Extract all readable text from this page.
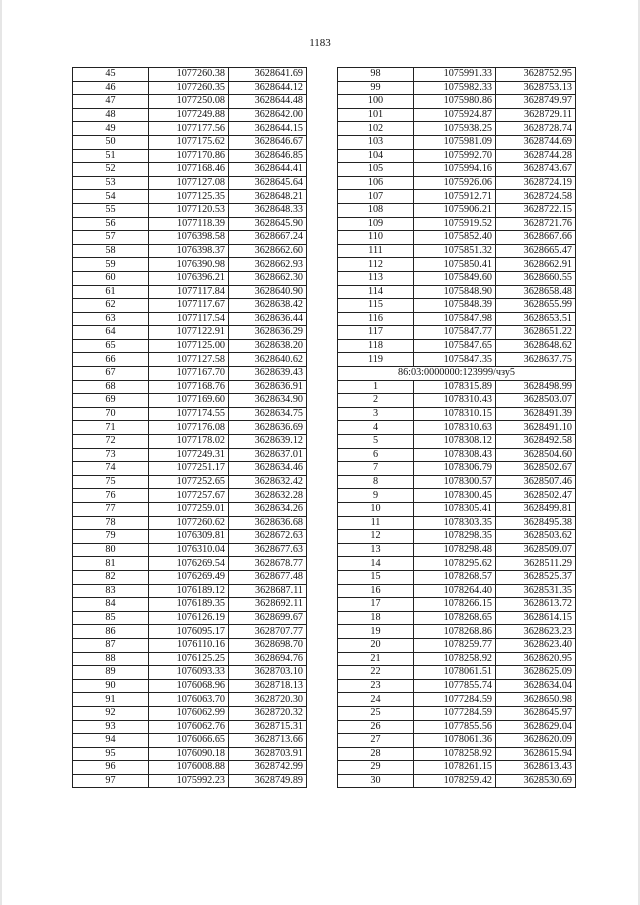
1183
45	1077260.38	3628641.69
46	1077260.35	3628644.12
47	1077250.08	3628644.48
48	1077249.88	3628642.00
49	1077177.56	3628644.15
50	1077175.62	3628646.67
51	1077170.86	3628646.85
52	1077168.46	3628644.41
53	1077127.08	3628645.64
54	1077125.35	3628648.21
55	1077120.53	3628648.33
56	1077118.39	3628645.90
57	1076398.58	3628667.24
58	1076398.37	3628662.60
59	1076390.98	3628662.93
60	1076396.21	3628662.30
61	1077117.84	3628640.90
62	1077117.67	3628638.42
63	1077117.54	3628636.44
64	1077122.91	3628636.29
65	1077125.00	3628638.20
66	1077127.58	3628640.62
67	1077167.70	3628639.43
68	1077168.76	3628636.91
69	1077169.60	3628634.90
70	1077174.55	3628634.75
71	1077176.08	3628636.69
72	1077178.02	3628639.12
73	1077249.31	3628637.01
74	1077251.17	3628634.46
75	1077252.65	3628632.42
76	1077257.67	3628632.28
77	1077259.01	3628634.26
78	1077260.62	3628636.68
79	1076309.81	3628672.63
80	1076310.04	3628677.63
81	1076269.54	3628678.77
82	1076269.49	3628677.48
83	1076189.12	3628687.11
84	1076189.35	3628692.11
85	1076126.19	3628699.67
86	1076095.17	3628707.77
87	1076110.16	3628698.70
88	1076125.25	3628694.76
89	1076093.33	3628703.10
90	1076068.96	3628718.13
91	1076063.70	3628720.30
92	1076062.99	3628720.32
93	1076062.76	3628715.31
94	1076066.65	3628713.66
95	1076090.18	3628703.91
96	1076008.88	3628742.99
97	1075992.23	3628749.89
98	1075991.33	3628752.95
99	1075982.33	3628753.13
100	1075980.86	3628749.97
101	1075924.87	3628729.11
102	1075938.25	3628728.74
103	1075981.09	3628744.69
104	1075992.70	3628744.28
105	1075994.16	3628743.67
106	1075926.06	3628724.19
107	1075912.71	3628724.58
108	1075906.21	3628722.15
109	1075919.52	3628721.76
110	1075852.40	3628667.66
111	1075851.32	3628665.47
112	1075850.41	3628662.91
113	1075849.60	3628660.55
114	1075848.90	3628658.48
115	1075848.39	3628655.99
116	1075847.98	3628653.51
117	1075847.77	3628651.22
118	1075847.65	3628648.62
119	1075847.35	3628637.75
86:03:0000000:123999/чзу5		
1	1078315.89	3628498.99
2	1078310.43	3628503.07
3	1078310.15	3628491.39
4	1078310.63	3628491.10
5	1078308.12	3628492.58
6	1078308.43	3628504.60
7	1078306.79	3628502.67
8	1078300.57	3628507.46
9	1078300.45	3628502.47
10	1078305.41	3628499.81
11	1078303.35	3628495.38
12	1078298.35	3628503.62
13	1078298.48	3628509.07
14	1078295.62	3628511.29
15	1078268.57	3628525.37
16	1078264.40	3628531.35
17	1078266.15	3628613.72
18	1078268.65	3628614.15
19	1078268.86	3628623.23
20	1078259.77	3628623.40
21	1078258.92	3628620.95
22	1078061.51	3628625.09
23	1077855.74	3628634.04
24	1077284.59	3628650.98
25	1077284.59	3628645.97
26	1077855.56	3628629.04
27	1078061.36	3628620.09
28	1078258.92	3628615.94
29	1078261.15	3628613.43
30	1078259.42	3628530.69
